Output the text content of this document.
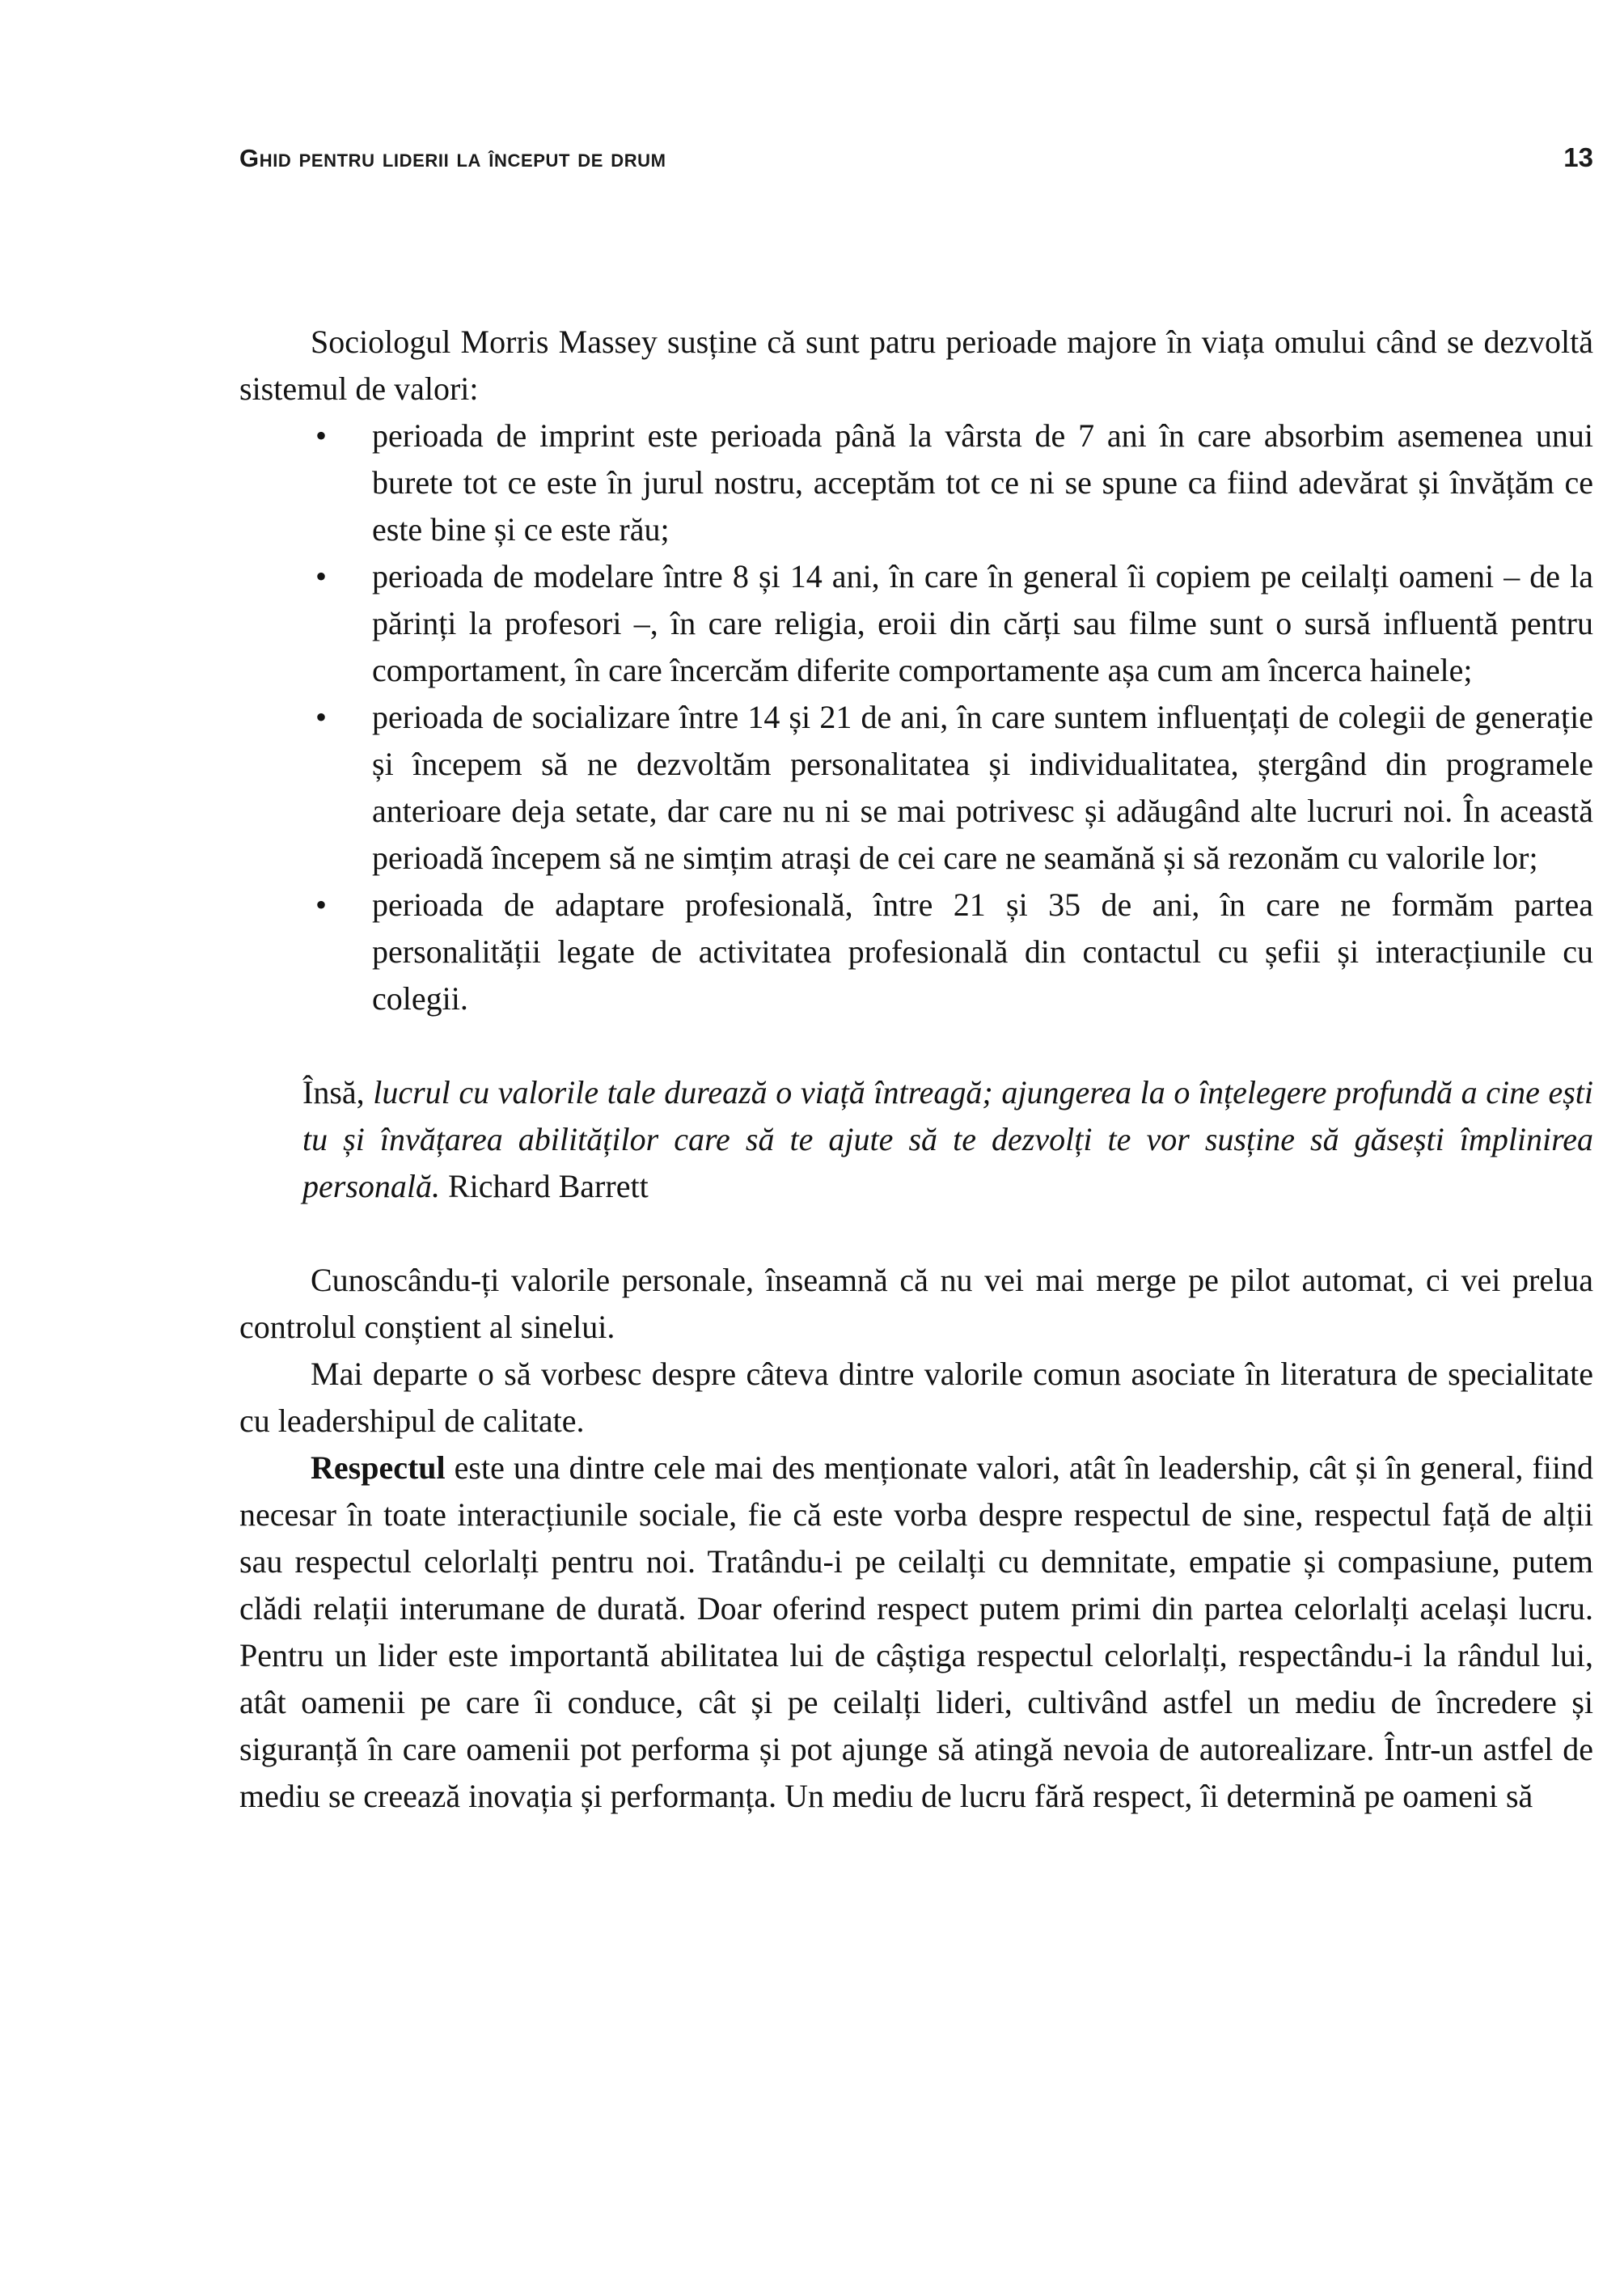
Ghid pentru liderii la început de drum	13

Sociologul Morris Massey susține că sunt patru perioade majore în viața omului când se dezvoltă sistemul de valori:

• perioada de imprint este perioada până la vârsta de 7 ani în care absorbim asemenea unui burete tot ce este în jurul nostru, acceptăm tot ce ni se spune ca fiind adevărat și învățăm ce este bine și ce este rău;
• perioada de modelare între 8 și 14 ani, în care în general îi copiem pe ceilalți oameni – de la părinți la profesori –, în care religia, eroii din cărți sau filme sunt o sursă influentă pentru comportament, în care încercăm diferite comportamente așa cum am încerca hainele;
• perioada de socializare între 14 și 21 de ani, în care suntem influențați de colegii de generație și începem să ne dezvoltăm personalitatea și individualitatea, ștergând din programele anterioare deja setate, dar care nu ni se mai potrivesc și adăugând alte lucruri noi. În această perioadă începem să ne simțim atrași de cei care ne seamănă și să rezonăm cu valorile lor;
• perioada de adaptare profesională, între 21 și 35 de ani, în care ne formăm partea personalității legate de activitatea profesională din contactul cu șefii și interacțiunile cu colegii.
Însă, lucrul cu valorile tale durează o viață întreagă; ajungerea la o înțelegere profundă a cine ești tu și învățarea abilităților care să te ajute să te dezvolți te vor susține să găsești împlinirea personală. Richard Barrett

Cunoscându-ți valorile personale, înseamnă că nu vei mai merge pe pilot automat, ci vei prelua controlul conștient al sinelui.

Mai departe o să vorbesc despre câteva dintre valorile comun asociate în literatura de specialitate cu leadershipul de calitate.

Respectul este una dintre cele mai des menționate valori, atât în leadership, cât și în general, fiind necesar în toate interacțiunile sociale, fie că este vorba despre respectul de sine, respectul față de alții sau respectul celorlalți pentru noi. Tratându-i pe ceilalți cu demnitate, empatie și compasiune, putem clădi relații interumane de durată. Doar oferind respect putem primi din partea celorlalți același lucru. Pentru un lider este importantă abilitatea lui de câștiga respectul celorlalți, respectându-i la rândul lui, atât oamenii pe care îi conduce, cât și pe ceilalți lideri, cultivând astfel un mediu de încredere și siguranță în care oamenii pot performa și pot ajunge să atingă nevoia de autorealizare. Într-un astfel de mediu se creează inovația și performanța. Un mediu de lucru fără respect, îi determină pe oameni să
